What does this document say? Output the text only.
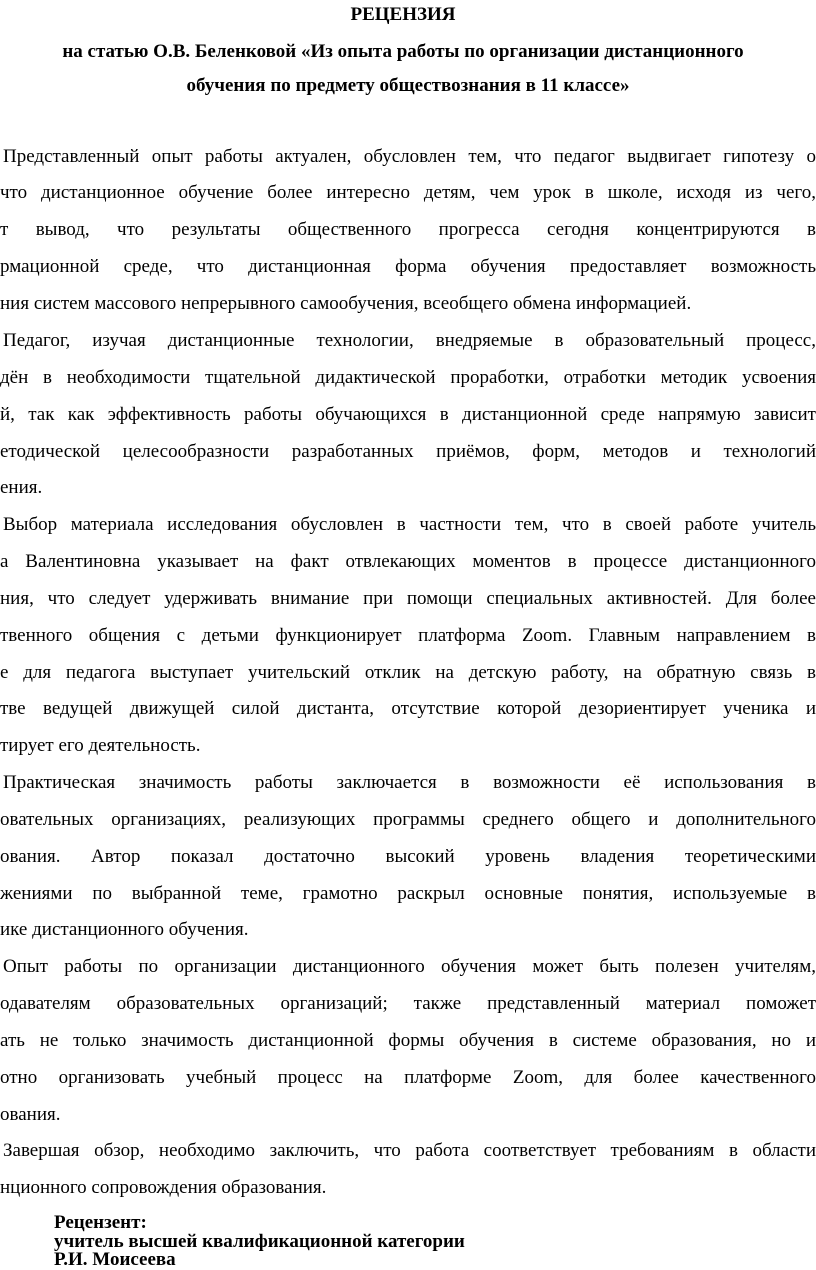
РЕЦЕНЗИЯ
на статью О.В. Беленковой «Из опыта работы по организации дистанционного
обучения по предмету обществознания в 11 классе»
Представленный опыт работы актуален, обусловлен тем, что педагог выдвигает гипотезу о
что дистанционное обучение более интересно детям, чем урок в школе, исходя из чего,
т вывод, что результаты общественного прогресса сегодня концентрируются в
рмационной среде, что дистанционная форма обучения предоставляет возможность
ния систем массового непрерывного самообучения, всеобщего обмена информацией.
Педагог, изучая дистанционные технологии, внедряемые в образовательный процесс,
дён в необходимости тщательной дидактической проработки, отработки методик усвоения
й, так как эффективность работы обучающихся в дистанционной среде напрямую зависит
етодической целесообразности разработанных приёмов, форм, методов и технологий
ения.
Выбор материала исследования обусловлен в частности тем, что в своей работе учитель
а Валентиновна указывает на факт отвлекающих моментов в процессе дистанционного
ния, что следует удерживать внимание при помощи специальных активностей. Для более
твенного общения с детьми функционирует платформа Zoom. Главным направлением в
е для педагога выступает учительский отклик на детскую работу, на обратную связь в
тве ведущей движущей силой дистанта, отсутствие которой дезориентирует ученика и
тирует его деятельность.
Практическая значимость работы заключается в возможности её использования в
овательных организациях, реализующих программы среднего общего и дополнительного
ования. Автор показал достаточно высокий уровень владения теоретическими
жениями по выбранной теме, грамотно раскрыл основные понятия, используемые в
ике дистанционного обучения.
Опыт работы по организации дистанционного обучения может быть полезен учителям,
одавателям образовательных организаций; также представленный материал поможет
ать не только значимость дистанционной формы обучения в системе образования, но и
отно организовать учебный процесс на платформе Zoom, для более качественного
ования.
Завершая обзор, необходимо заключить, что работа соответствует требованиям в области
нционного сопровождения образования.
Рецензент:
учитель высшей квалификационной категории
Р.И. Моисеева
